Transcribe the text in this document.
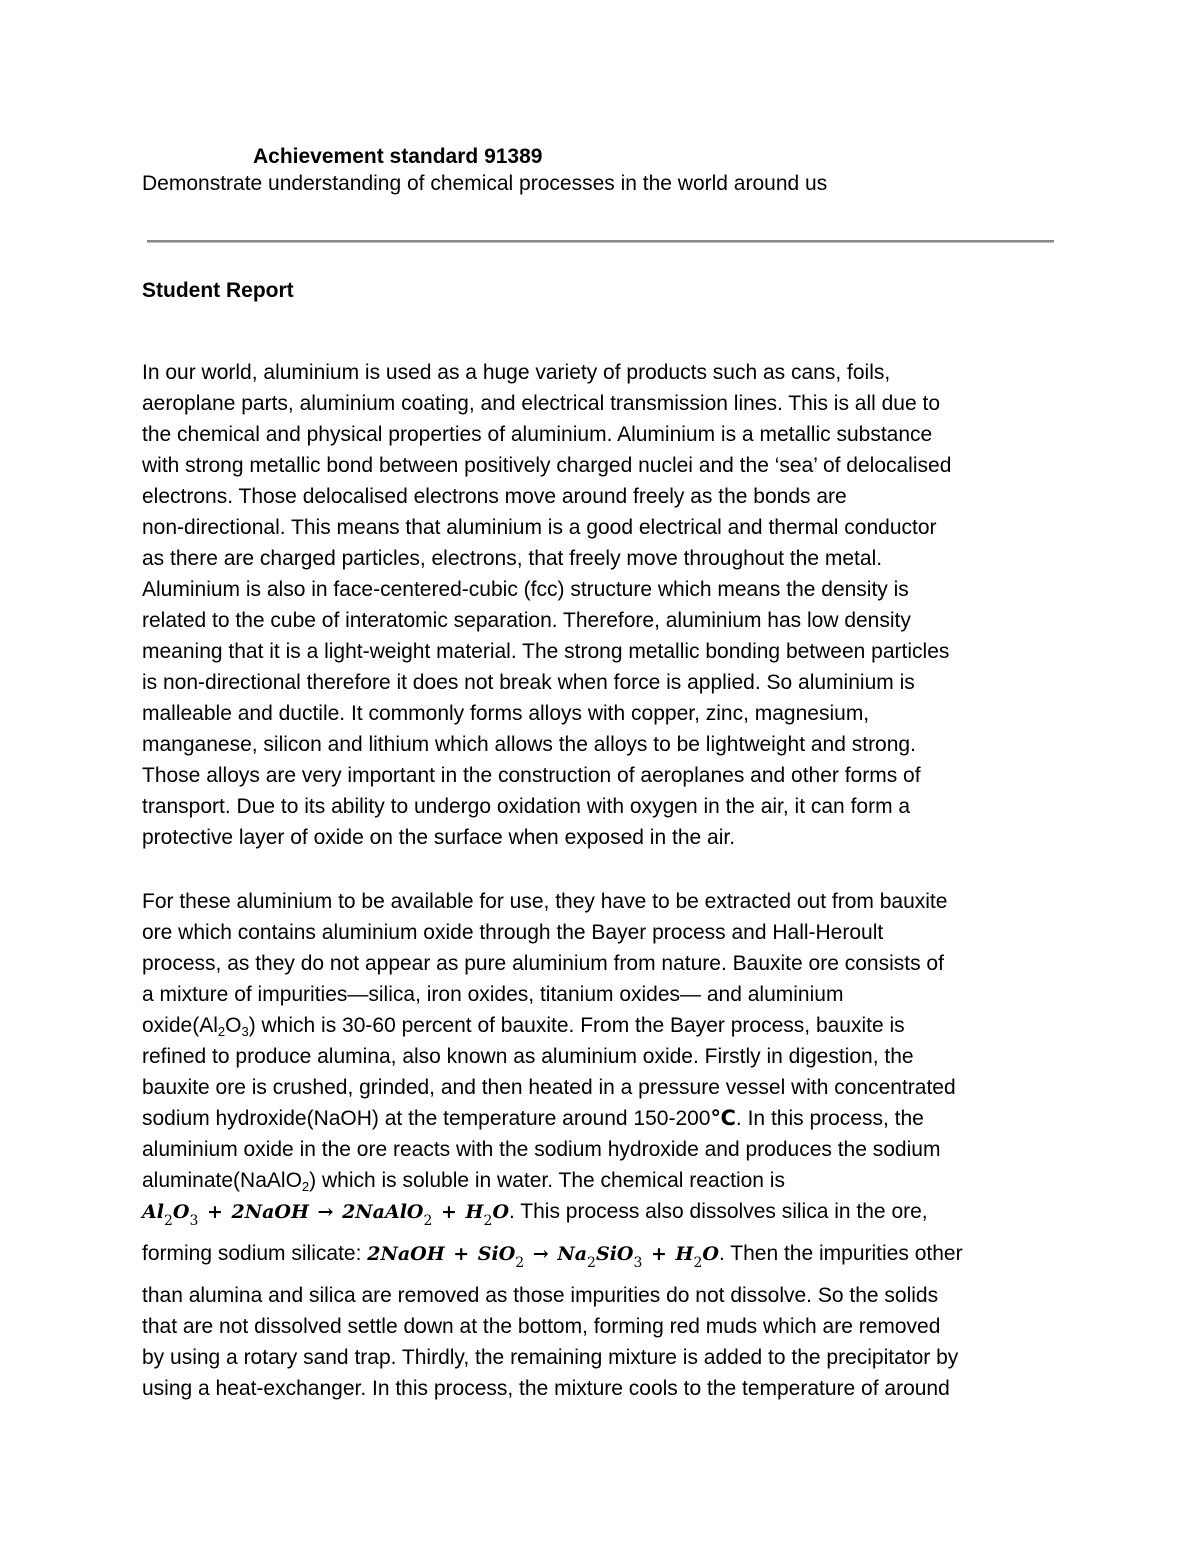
Achievement standard 91389
Demonstrate understanding of chemical processes in the world around us
Student Report
In our world, aluminium is used as a huge variety of products such as cans, foils,
aeroplane parts, aluminium coating, and electrical transmission lines. This is all due to
the chemical and physical properties of aluminium. Aluminium is a metallic substance
with strong metallic bond between positively charged nuclei and the ‘sea’ of delocalised
electrons. Those delocalised electrons move around freely as the bonds are
non-directional. This means that aluminium is a good electrical and thermal conductor
as there are charged particles, electrons, that freely move throughout the metal.
Aluminium is also in face-centered-cubic (fcc) structure which means the density is
related to the cube of interatomic separation. Therefore, aluminium has low density
meaning that it is a light-weight material. The strong metallic bonding between particles
is non-directional therefore it does not break when force is applied. So aluminium is
malleable and ductile. It commonly forms alloys with copper, zinc, magnesium,
manganese, silicon and lithium which allows the alloys to be lightweight and strong.
Those alloys are very important in the construction of aeroplanes and other forms of
transport. Due to its ability to undergo oxidation with oxygen in the air, it can form a
protective layer of oxide on the surface when exposed in the air.
For these aluminium to be available for use, they have to be extracted out from bauxite
ore which contains aluminium oxide through the Bayer process and Hall-Heroult
process, as they do not appear as pure aluminium from nature. Bauxite ore consists of
a mixture of impurities—silica, iron oxides, titanium oxides— and aluminium
$oxide(Al_2O_3)$ which is 30-60 percent of bauxite. From the Bayer process, bauxite is
refined to produce alumina, also known as aluminium oxide. Firstly in digestion, the
bauxite ore is crushed, grinded, and then heated in a pressure vessel with concentrated
sodium hydroxide(NaOH) at the temperature around 150-200℃. In this process, the
aluminium oxide in the ore reacts with the sodium hydroxide and produces the sodium
aluminate(NaAlO$_2$) which is soluble in water. The chemical reaction is
$Al_2O_3$ + 2NaOH → 2NaAlO$_2$ + $H_2O$. This process also dissolves silica in the ore,
forming sodium silicate: 2NaOH + $SiO_2 \to Na_2SiO_3 + H_2O$. Then the impurities other
than alumina and silica are removed as those impurities do not dissolve. So the solids
that are not dissolved settle down at the bottom, forming red muds which are removed
by using a rotary sand trap. Thirdly, the remaining mixture is added to the precipitator by
using a heat-exchanger. In this process, the mixture cools to the temperature of around
